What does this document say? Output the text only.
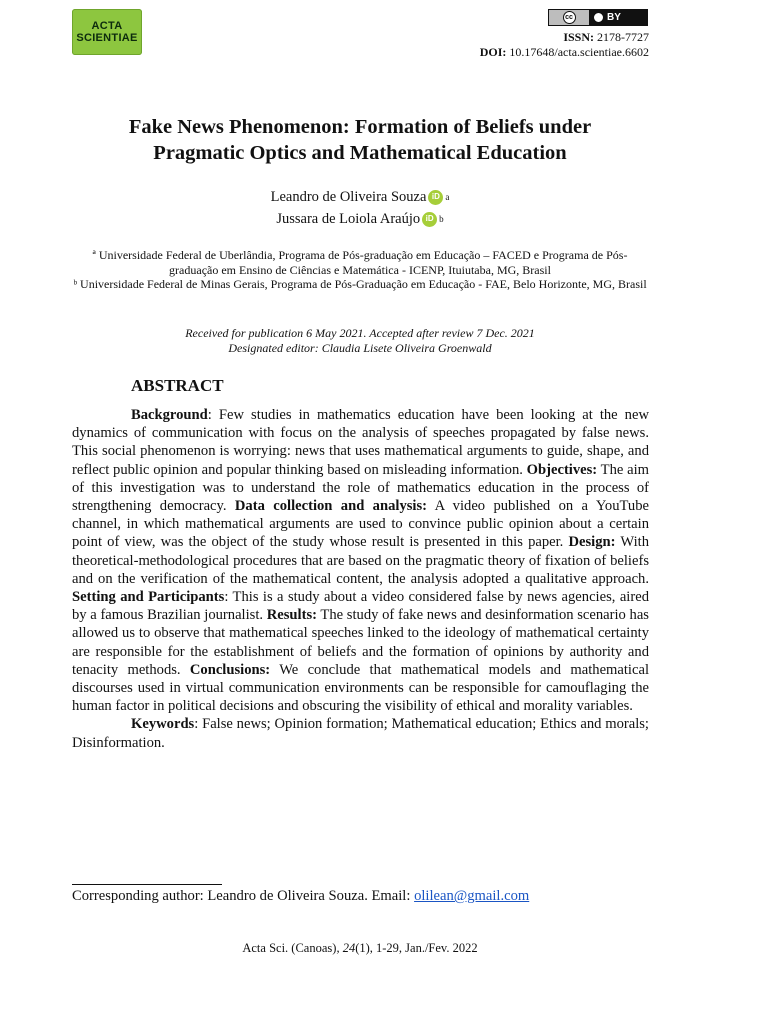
ACTA
SCIENTIAE
cc	BY
ISSN: 2178-7727
DOI: 10.17648/acta.scientiae.6602
Fake News Phenomenon: Formation of Beliefs under
Pragmatic Optics and Mathematical Education
Leandro de Oliveira Souza iD a
Jussara de Loiola Araújo iD b

ª Universidade Federal de Uberlândia, Programa de Pós-graduação em Educação – FACED e Programa de Pós-graduação em Ensino de Ciências e Matemática - ICENP, Ituiutaba, MG, Brasil

ᵇ Universidade Federal de Minas Gerais, Programa de Pós-Graduação em Educação - FAE, Belo Horizonte, MG, Brasil

Received for publication 6 May 2021. Accepted after review 7 Dec. 2021
Designated editor: Claudia Lisete Oliveira Groenwald
ABSTRACT

Background: Few studies in mathematics education have been looking at the new dynamics of communication with focus on the analysis of speeches propagated by false news. This social phenomenon is worrying: news that uses mathematical arguments to guide, shape, and reflect public opinion and popular thinking based on misleading information. Objectives: The aim of this investigation was to understand the role of mathematics education in the process of strengthening democracy. Data collection and analysis: A video published on a YouTube channel, in which mathematical arguments are used to convince public opinion about a certain point of view, was the object of the study whose result is presented in this paper. Design: With theoretical-methodological procedures that are based on the pragmatic theory of fixation of beliefs and on the verification of the mathematical content, the analysis adopted a qualitative approach. Setting and Participants: This is a study about a video considered false by news agencies, aired by a famous Brazilian journalist. Results: The study of fake news and desinformation scenario has allowed us to observe that mathematical speeches linked to the ideology of mathematical certainty are responsible for the establishment of beliefs and the formation of opinions by authority and tenacity methods. Conclusions: We conclude that mathematical models and mathematical discourses used in virtual communication environments can be responsible for camouflaging the human factor in political decisions and obscuring the visibility of ethical and morality variables.

Keywords: False news; Opinion formation; Mathematical education; Ethics and morals; Disinformation.

Corresponding author: Leandro de Oliveira Souza. Email: olilean@gmail.com
Acta Sci. (Canoas), 24(1), 1-29, Jan./Fev. 2022
